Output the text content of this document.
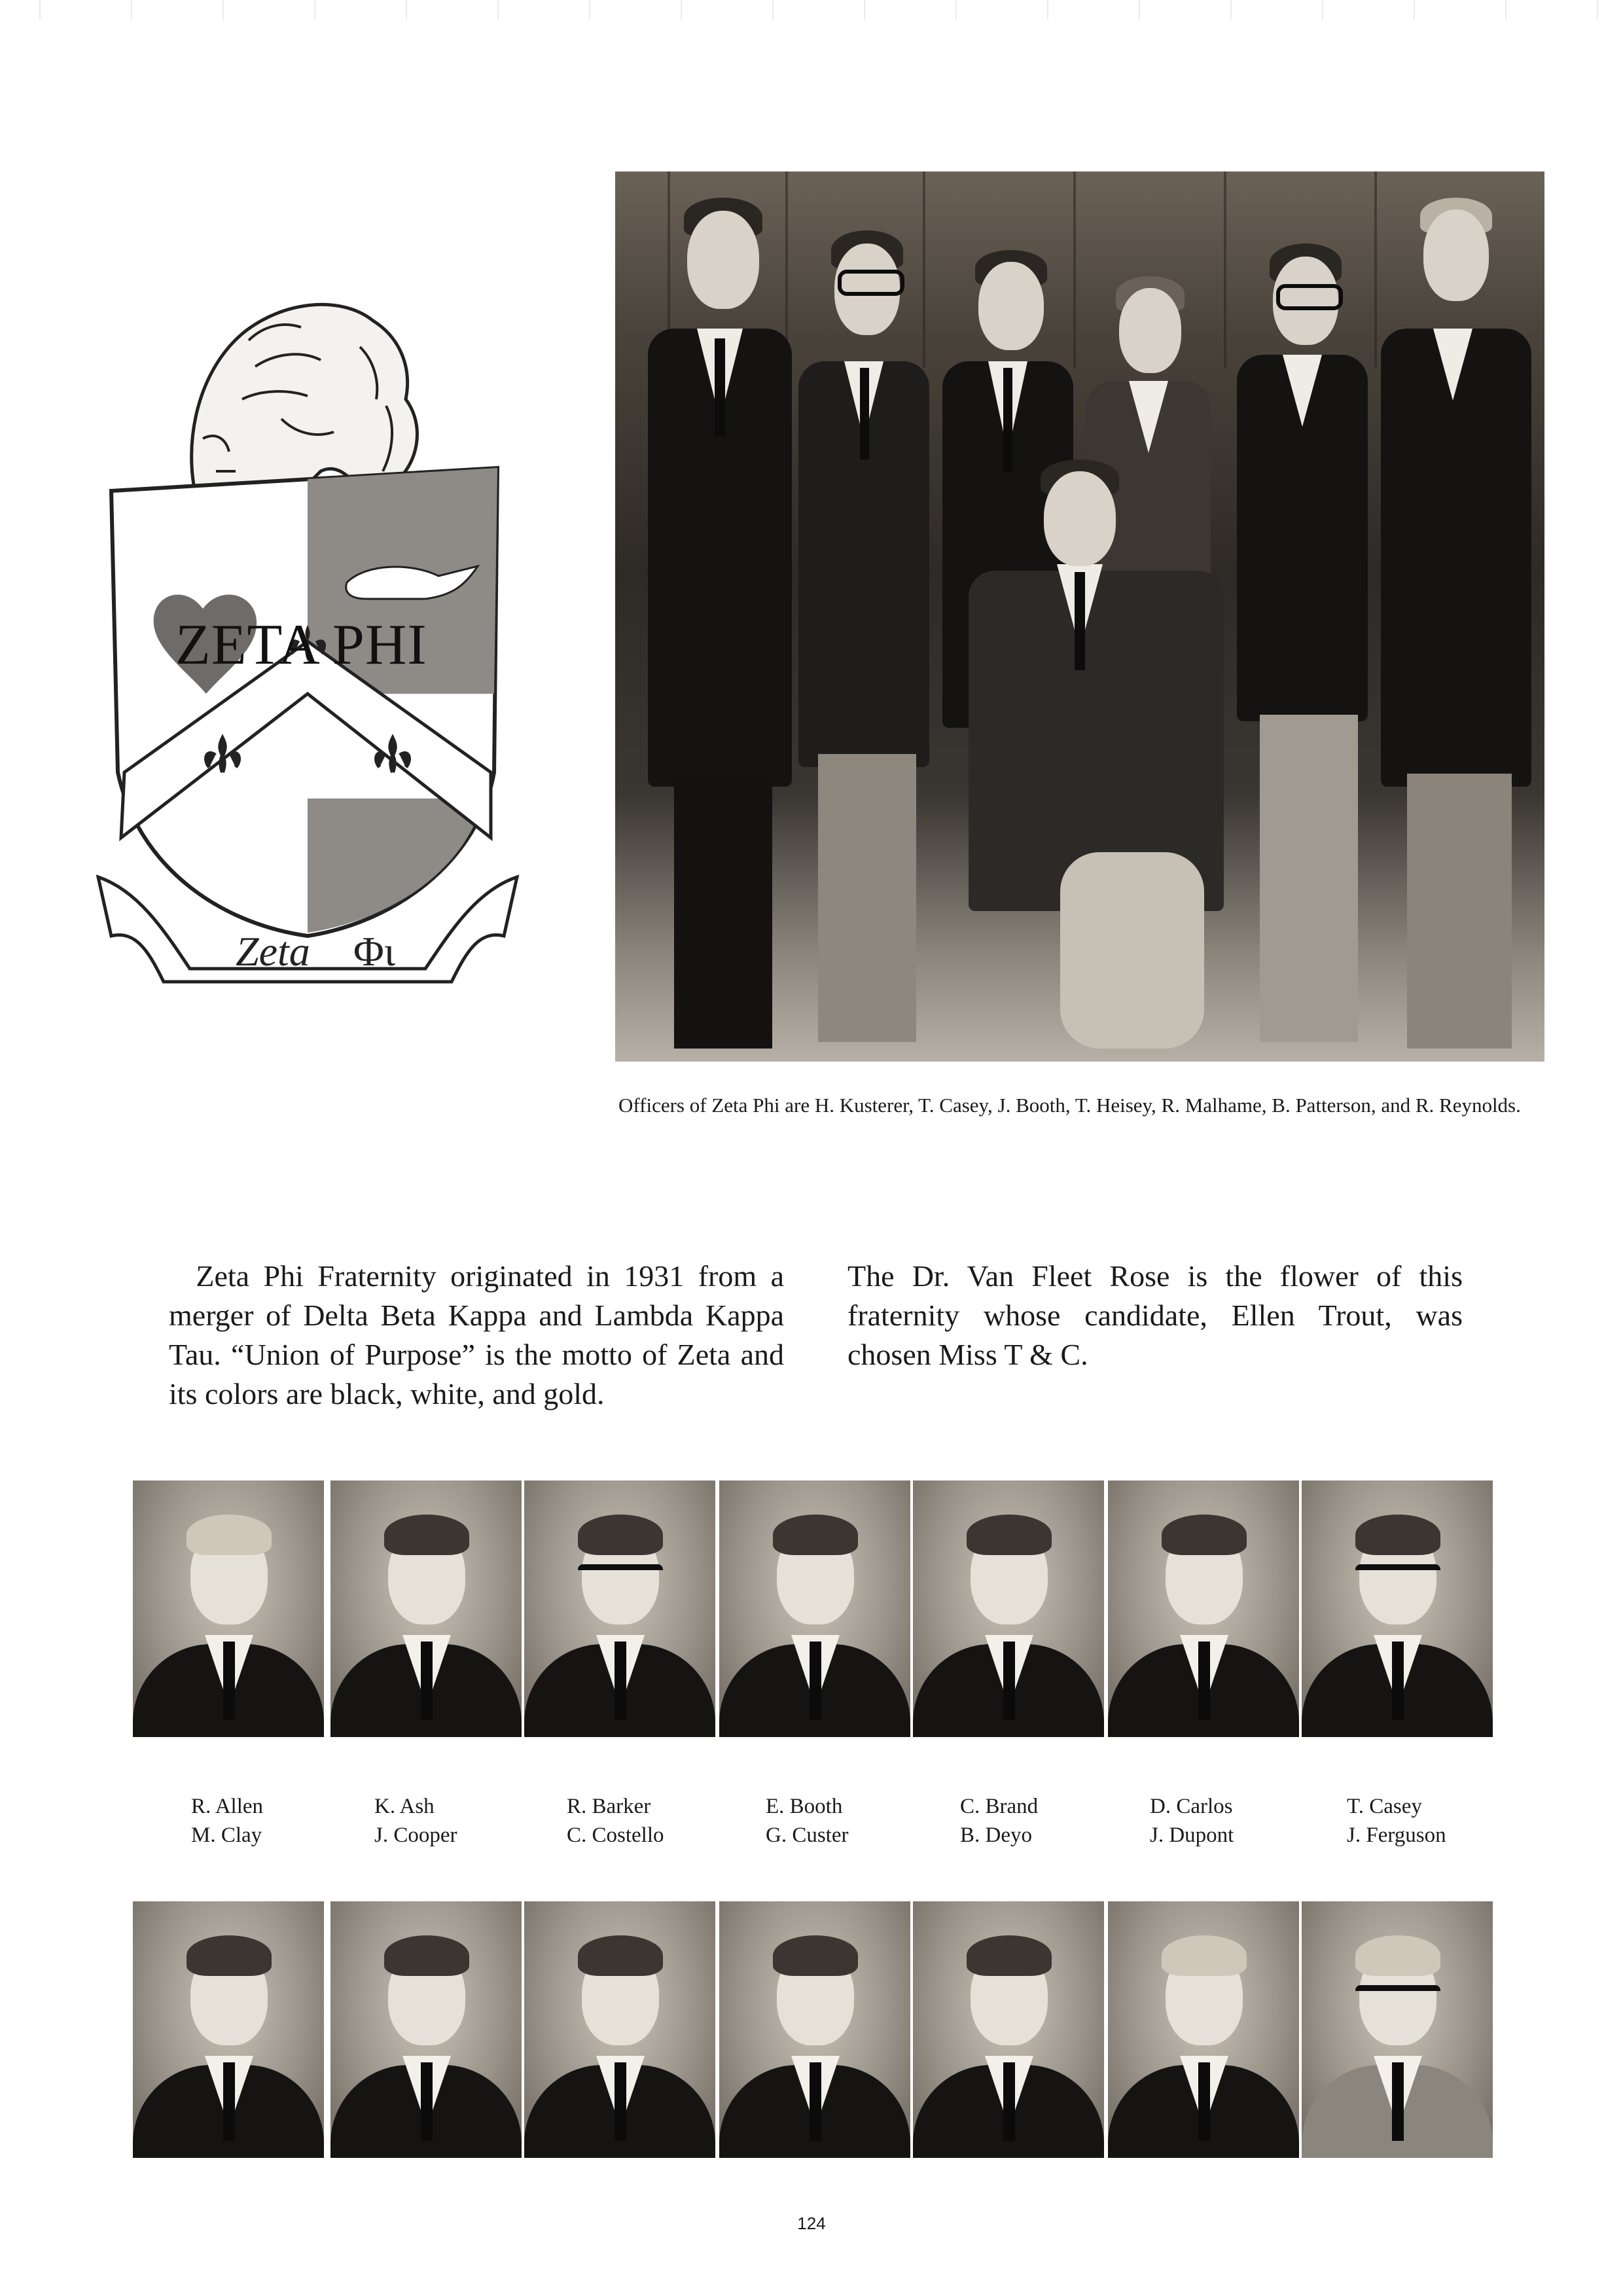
Zeta Φι
ZETA PHI
Officers of Zeta Phi are H. Kusterer, T. Casey, J. Booth, T. Heisey, R. Malhame, B. Patterson, and R. Reynolds.
Zeta Phi Fraternity originated in 1931 from a merger of Delta Beta Kappa and Lambda Kappa Tau. “Union of Purpose” is the motto of Zeta and its colors are black, white, and gold.
The Dr. Van Fleet Rose is the flower of this fraternity whose candidate, Ellen Trout, was chosen Miss T & C.
R. Allen
M. Clay
K. Ash
J. Cooper
R. Barker
C. Costello
E. Booth
G. Custer
C. Brand
B. Deyo
D. Carlos
J. Dupont
T. Casey
J. Ferguson
124
